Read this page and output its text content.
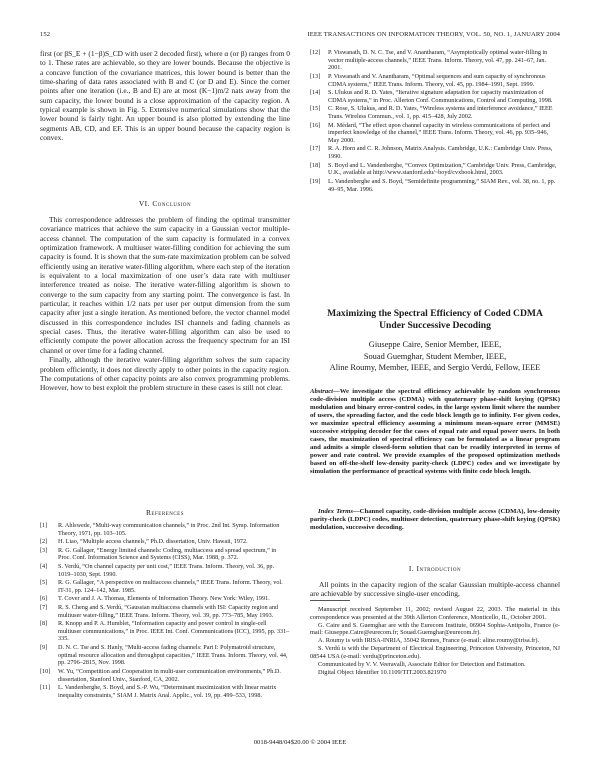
152	IEEE TRANSACTIONS ON INFORMATION THEORY, VOL. 50, NO. 1, JANUARY 2004

first (or βS_E + (1−β)S_CD with user 2 decoded first), where α (or β) ranges from 0 to 1. These rates are achievable, so they are lower bounds. Because the objective is a concave function of the covariance matrices, this lower bound is better than the time-sharing of data rates associated with B and C (or D and E). Since the corner points after one iteration (i.e., B and E) are at most (K−1)m/2 nats away from the sum capacity, the lower bound is a close approximation of the capacity region. A typical example is shown in Fig. 5. Extensive numerical simulations show that the lower bound is fairly tight. An upper bound is also plotted by extending the line segments AB, CD, and EF. This is an upper bound because the capacity region is convex.

VI. Conclusion

This correspondence addresses the problem of finding the optimal transmitter covariance matrices that achieve the sum capacity in a Gaussian vector multiple-access channel. The computation of the sum capacity is formulated in a convex optimization framework. A multiuser water-filling condition for achieving the sum capacity is found. It is shown that the sum-rate maximization problem can be solved efficiently using an iterative water-filling algorithm, where each step of the iteration is equivalent to a local maximization of one user’s data rate with multiuser interference treated as noise. The iterative water-filling algorithm is shown to converge to the sum capacity from any starting point. The convergence is fast. In particular, it reaches within 1/2 nats per user per output dimension from the sum capacity after just a single iteration. As mentioned before, the vector channel model discussed in this correspondence includes ISI channels and fading channels as special cases. Thus, the iterative water-filling algorithm can also be used to efficiently compute the power allocation across the frequency spectrum for an ISI channel or over time for a fading channel.

Finally, although the iterative water-filling algorithm solves the sum capacity problem efficiently, it does not directly apply to other points in the capacity region. The computations of other capacity points are also convex programming problems. However, how to best exploit the problem structure in these cases is still not clear.

References
[1] R. Ahlswede, “Multi-way communication channels,” in Proc. 2nd Int. Symp. Information Theory, 1971, pp. 103–105.
[2] H. Liao, “Multiple access channels,” Ph.D. dissertation, Univ. Hawaii, 1972.
[3] R. G. Gallager, “Energy limited channels: Coding, multiaccess and spread spectrum,” in Proc. Conf. Information Science and Systems (CISS), Mar. 1988, p. 372.
[4] S. Verdú, “On channel capacity per unit cost,” IEEE Trans. Inform. Theory, vol. 36, pp. 1019–1030, Sept. 1990.
[5] R. G. Gallager, “A perspective on multiaccess channels,” IEEE Trans. Inform. Theory, vol. IT-31, pp. 124–142, Mar. 1985.
[6] T. Cover and J. A. Thomas, Elements of Information Theory. New York: Wiley, 1991.
[7] R. S. Cheng and S. Verdú, “Gaussian multiaccess channels with ISI: Capacity region and multiuser water-filling,” IEEE Trans. Inform. Theory, vol. 39, pp. 773–785, May 1993.
[8] R. Knopp and P. A. Humblet, “Information capacity and power control in single-cell multiuser communications,” in Proc. IEEE Int. Conf. Communications (ICC), 1995, pp. 331–335.
[9] D. N. C. Tse and S. Hanly, “Multi-access fading channels: Part I: Polymatroid structure, optimal resource allocation and throughput capacities,” IEEE Trans. Inform. Theory, vol. 44, pp. 2796–2815, Nov. 1998.
[10] W. Yu, “Competition and Cooperation in multi-user communication environments,” Ph.D. dissertation, Stanford Univ., Stanford, CA, 2002.
[11] L. Vandenberghe, S. Boyd, and S.-P. Wu, “Determinant maximization with linear matrix inequality constraints,” SIAM J. Matrix Anal. Applic., vol. 19, pp. 499–533, 1998.
[12] P. Viswanath, D. N. C. Tse, and V. Anantharam, “Asymptotically optimal water-filling in vector multiple-access channels,” IEEE Trans. Inform. Theory, vol. 47, pp. 241–67, Jan. 2001.
[13] P. Viswanath and V. Anantharam, “Optimal sequences and sum capacity of synchronous CDMA systems,” IEEE Trans. Inform. Theory, vol. 45, pp. 1984–1991, Sept. 1999.
[14] S. Ulukus and R. D. Yates, “Iterative signature adaptation for capacity maximization of CDMA systems,” in Proc. Allerton Conf. Communications, Control and Computing, 1998.
[15] C. Rose, S. Ulukus, and R. D. Yates, “Wireless systems and interference avoidance,” IEEE Trans. Wireless Commun., vol. 1, pp. 415–428, July 2002.
[16] M. Médard, “The effect upon channel capacity in wireless communications of perfect and imperfect knowledge of the channel,” IEEE Trans. Inform. Theory, vol. 46, pp. 935–946, May 2000.
[17] R. A. Horn and C. R. Johnson, Matrix Analysis. Cambridge, U.K.: Cambridge Univ. Press, 1990.
[18] S. Boyd and L. Vandenberghe, “Convex Optimization,” Cambridge Univ. Press, Cambridge, U.K., available at http://www.stanford.edu/~boyd/cvxbook.html, 2003.
[19] L. Vandenberghe and S. Boyd, “Semidefinite programming,” SIAM Rev., vol. 38, no. 1, pp. 49–95, Mar. 1996.
Maximizing the Spectral Efficiency of Coded CDMA Under Successive Decoding
Giuseppe Caire, Senior Member, IEEE,
Souad Guemghar, Student Member, IEEE,
Aline Roumy, Member, IEEE, and Sergio Verdú, Fellow, IEEE
Abstract—We investigate the spectral efficiency achievable by random synchronous code-division multiple access (CDMA) with quaternary phase-shift keying (QPSK) modulation and binary error-control codes, in the large system limit where the number of users, the spreading factor, and the code block length go to infinity. For given codes, we maximize spectral efficiency assuming a minimum mean-square error (MMSE) successive stripping decoder for the cases of equal rate and equal power users. In both cases, the maximization of spectral efficiency can be formulated as a linear program and admits a simple closed-form solution that can be readily interpreted in terms of power and rate control. We provide examples of the proposed optimization methods based on off-the-shelf low-density parity-check (LDPC) codes and we investigate by simulation the performance of practical systems with finite code block length.
Index Terms—Channel capacity, code-division multiple access (CDMA), low-density parity-check (LDPC) codes, multiuser detection, quaternary phase-shift keying (QPSK) modulation, successive decoding.
I. Introduction

All points in the capacity region of the scalar Gaussian multiple-access channel are achievable by successive single-user encoding,

Manuscript received September 11, 2002; revised August 22, 2003. The material in this correspondence was presented at the 39th Allerton Conference, Monticello, IL, October 2001.

G. Caire and S. Guemghar are with the Eurecom Institute, 06904 Sophia-Antipolis, France (e-mail: Giuseppe.Caire@eurecom.fr; Souad.Guemghar@eurecom.fr).

A. Roumy is with IRISA-INRIA, 35042 Rennes, France (e-mail: aline.roumy@irisa.fr).

S. Verdú is with the Department of Electrical Engineering, Princeton University, Princeton, NJ 08544 USA (e-mail: verdu@princeton.edu).

Communicated by V. V. Veeravalli, Associate Editor for Detection and Estimation.

Digital Object Identifier 10.1109/TIT.2003.821970

0018-9448/04$20.00 © 2004 IEEE
